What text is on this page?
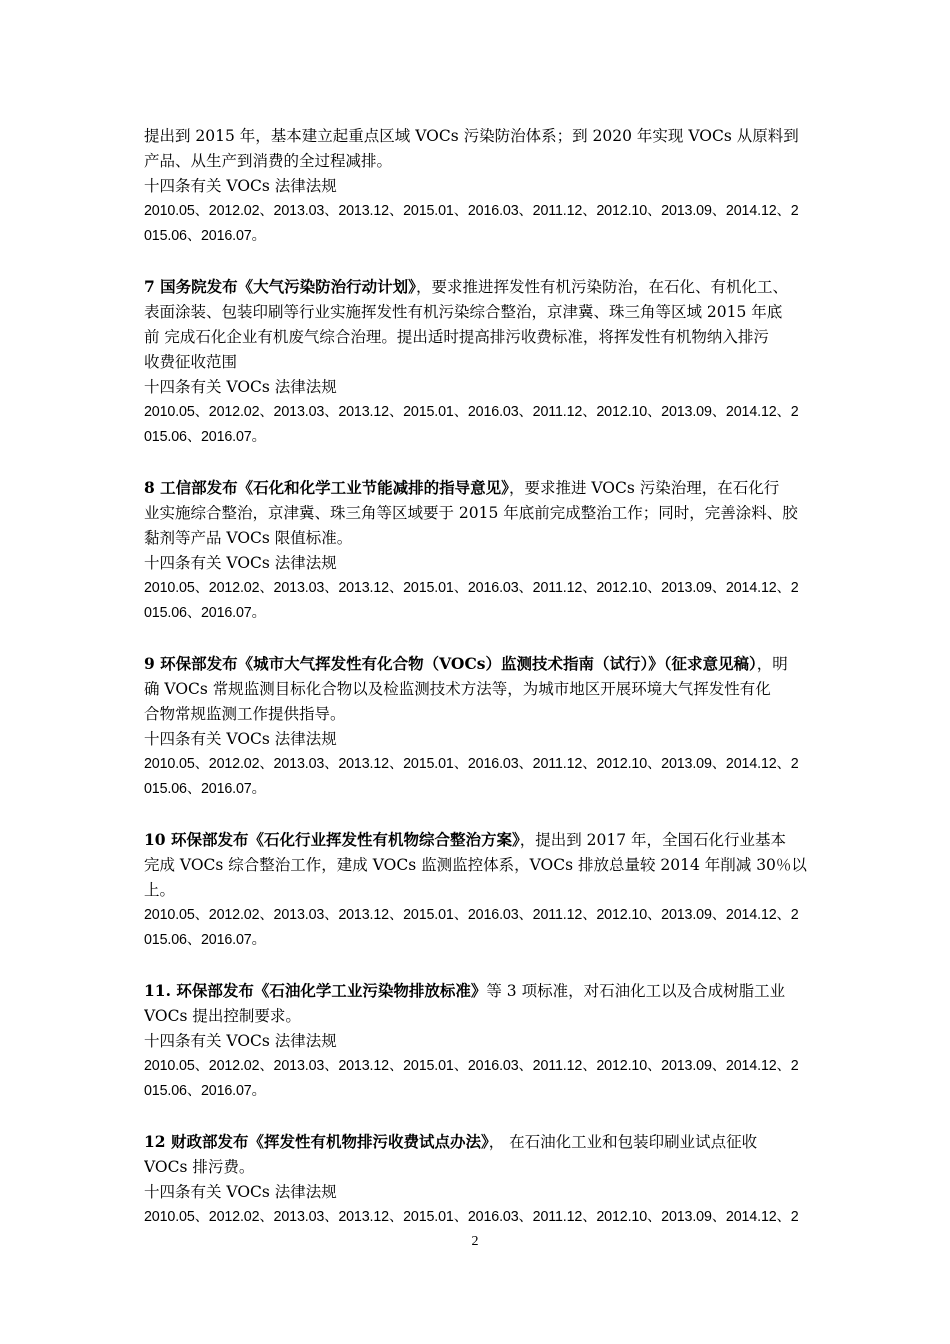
提出到 2015 年，基本建立起重点区域 VOCs 污染防治体系；到 2020 年实现 VOCs 从原料到
产品、从生产到消费的全过程减排。
十四条有关 VOCs 法律法规
2010.05、2012.02、2013.03、2013.12、2015.01、2016.03、2011.12、2012.10、2013.09、2014.12、2
015.06、2016.07。
7 国务院发布《大气污染防治行动计划》，要求推进挥发性有机污染防治，在石化、有机化工、
表面涂装、包装印刷等行业实施挥发性有机污染综合整治，京津冀、珠三角等区域 2015 年底
前 完成石化企业有机废气综合治理。提出适时提高排污收费标准，将挥发性有机物纳入排污
收费征收范围
十四条有关 VOCs 法律法规
2010.05、2012.02、2013.03、2013.12、2015.01、2016.03、2011.12、2012.10、2013.09、2014.12、2
015.06、2016.07。
8 工信部发布《石化和化学工业节能减排的指导意见》，要求推进 VOCs 污染治理，在石化行
业实施综合整治，京津冀、珠三角等区域要于 2015 年底前完成整治工作；同时，完善涂料、胶
黏剂等产品 VOCs 限值标准。
十四条有关 VOCs 法律法规
2010.05、2012.02、2013.03、2013.12、2015.01、2016.03、2011.12、2012.10、2013.09、2014.12、2
015.06、2016.07。
9 环保部发布《城市大气挥发性有化合物（VOCs）监测技术指南（试行）》（征求意见稿），明
确 VOCs 常规监测目标化合物以及检监测技术方法等，为城市地区开展环境大气挥发性有化
合物常规监测工作提供指导。
十四条有关 VOCs 法律法规
2010.05、2012.02、2013.03、2013.12、2015.01、2016.03、2011.12、2012.10、2013.09、2014.12、2
015.06、2016.07。
10 环保部发布《石化行业挥发性有机物综合整治方案》，提出到 2017 年，全国石化行业基本
完成 VOCs 综合整治工作，建成 VOCs 监测监控体系，VOCs 排放总量较 2014 年削减 30％以
上。
2010.05、2012.02、2013.03、2013.12、2015.01、2016.03、2011.12、2012.10、2013.09、2014.12、2
015.06、2016.07。
11. 环保部发布《石油化学工业污染物排放标准》等 3 项标准，对石油化工以及合成树脂工业
VOCs 提出控制要求。
十四条有关 VOCs 法律法规
2010.05、2012.02、2013.03、2013.12、2015.01、2016.03、2011.12、2012.10、2013.09、2014.12、2
015.06、2016.07。
12 财政部发布《挥发性有机物排污收费试点办法》， 在石油化工业和包装印刷业试点征收
VOCs 排污费。
十四条有关 VOCs 法律法规
2010.05、2012.02、2013.03、2013.12、2015.01、2016.03、2011.12、2012.10、2013.09、2014.12、2
2
